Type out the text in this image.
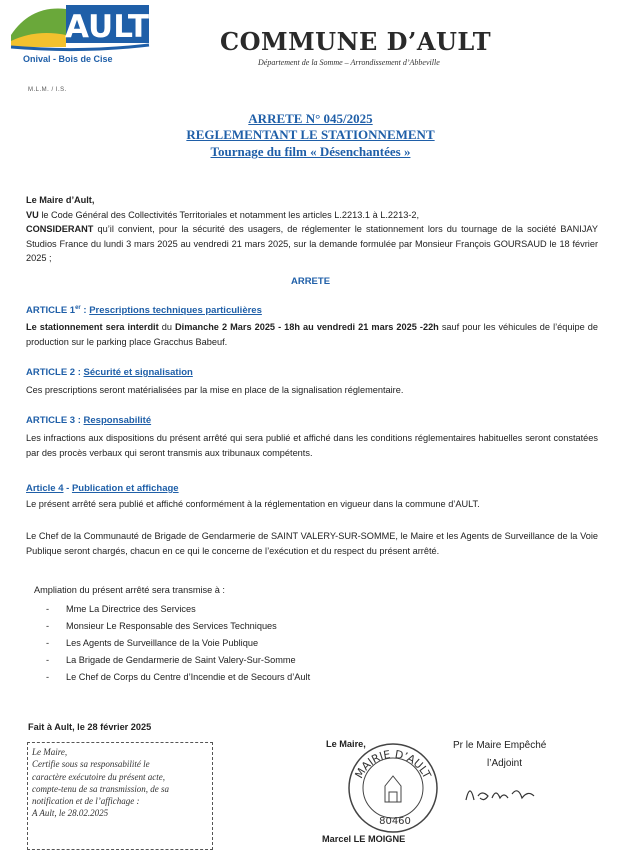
AULT
Onival - Bois de Cise
COMMUNE D’AULT
Département de la Somme – Arrondissement d’Abbeville
M.L.M. / I.S.
ARRETE N° 045/2025
REGLEMENTANT LE STATIONNEMENT
Tournage du film « Désenchantées »
Le Maire d’Ault,
VU le Code Général des Collectivités Territoriales et notamment les articles L.2213.1 à L.2213-2,
CONSIDERANT qu’il convient, pour la sécurité des usagers, de réglementer le stationnement lors du tournage de la société BANIJAY Studios France du lundi 3 mars 2025 au vendredi 21 mars 2025, sur la demande formulée par Monsieur François GOURSAUD le 18 février 2025 ;
ARRETE
ARTICLE 1er : Prescriptions techniques particulières
Le stationnement sera interdit du Dimanche 2 Mars 2025 - 18h au vendredi 21 mars 2025 -22h sauf pour les véhicules de l’équipe de production sur le parking place Gracchus Babeuf.
ARTICLE 2 : Sécurité et signalisation
Ces prescriptions seront matérialisées par la mise en place de la signalisation réglementaire.
ARTICLE 3 : Responsabilité
Les infractions aux dispositions du présent arrêté qui sera publié et affiché dans les conditions réglementaires habituelles seront constatées par des procès verbaux qui seront transmis aux tribunaux compétents.
Article 4 - Publication et affichage
Le présent arrêté sera publié et affiché conformément à la réglementation en vigueur dans la commune d’AULT.
Le Chef de la Communauté de Brigade de Gendarmerie de SAINT VALERY-SUR-SOMME, le Maire et les Agents de Surveillance de la Voie Publique seront chargés, chacun en ce qui le concerne de l’exécution et du respect du présent arrêté.
Ampliation du présent arrêté sera transmise à :
- Mme La Directrice des Services
- Monsieur Le Responsable des Services Techniques
- Les Agents de Surveillance de la Voie Publique
- La Brigade de Gendarmerie de Saint Valery-Sur-Somme
- Le Chef de Corps du Centre d’Incendie et de Secours d’Ault
Fait à Ault, le 28 février 2025
Le Maire,
Certifie sous sa responsabilité le
caractère exécutoire du présent acte,
compte-tenu de sa transmission, de sa
notification et de l’affichage :
A Ault, le 28.02.2025
Le Maire,	Pr le Maire Empêché
l’Adjoint
MAIRIE D’AULT
80460
Marcel LE MOIGNE
